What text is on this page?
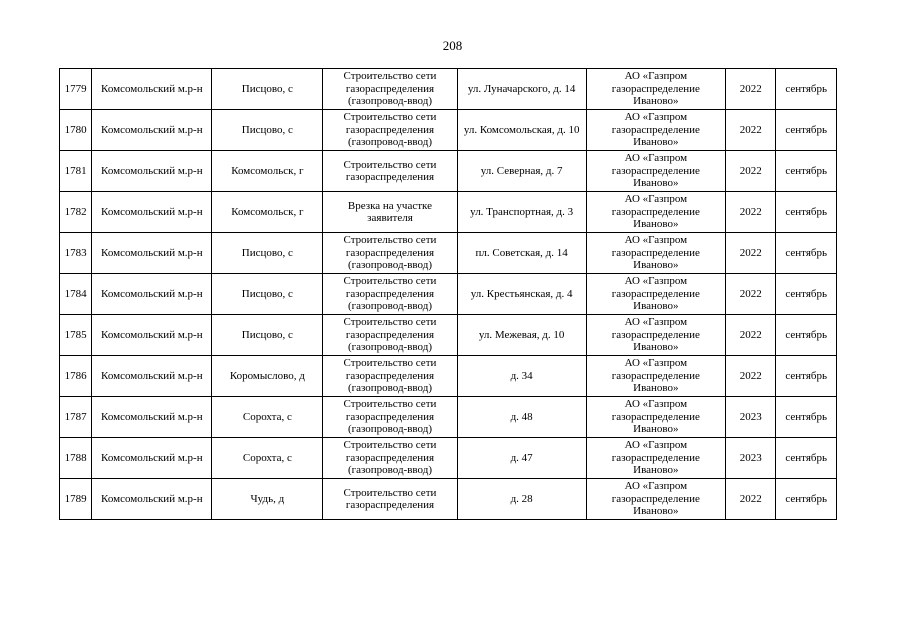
208
1779	Комсомольский м.р-н	Писцово, с	Строительство сети газораспределения (газопровод-ввод)	ул. Луначарского, д. 14	АО «Газпром газораспределение Иваново»	2022	сентябрь
1780	Комсомольский м.р-н	Писцово, с	Строительство сети газораспределения (газопровод-ввод)	ул. Комсомольская, д. 10	АО «Газпром газораспределение Иваново»	2022	сентябрь
1781	Комсомольский м.р-н	Комсомольск, г	Строительство сети газораспределения	ул. Северная, д. 7	АО «Газпром газораспределение Иваново»	2022	сентябрь
1782	Комсомольский м.р-н	Комсомольск, г	Врезка на участке заявителя	ул. Транспортная, д. 3	АО «Газпром газораспределение Иваново»	2022	сентябрь
1783	Комсомольский м.р-н	Писцово, с	Строительство сети газораспределения (газопровод-ввод)	пл. Советская, д. 14	АО «Газпром газораспределение Иваново»	2022	сентябрь
1784	Комсомольский м.р-н	Писцово, с	Строительство сети газораспределения (газопровод-ввод)	ул. Крестьянская, д. 4	АО «Газпром газораспределение Иваново»	2022	сентябрь
1785	Комсомольский м.р-н	Писцово, с	Строительство сети газораспределения (газопровод-ввод)	ул. Межевая, д. 10	АО «Газпром газораспределение Иваново»	2022	сентябрь
1786	Комсомольский м.р-н	Коромыслово, д	Строительство сети газораспределения (газопровод-ввод)	д. 34	АО «Газпром газораспределение Иваново»	2022	сентябрь
1787	Комсомольский м.р-н	Сорохта, с	Строительство сети газораспределения (газопровод-ввод)	д. 48	АО «Газпром газораспределение Иваново»	2023	сентябрь
1788	Комсомольский м.р-н	Сорохта, с	Строительство сети газораспределения (газопровод-ввод)	д. 47	АО «Газпром газораспределение Иваново»	2023	сентябрь
1789	Комсомольский м.р-н	Чудь, д	Строительство сети газораспределения	д. 28	АО «Газпром газораспределение Иваново»	2022	сентябрь
